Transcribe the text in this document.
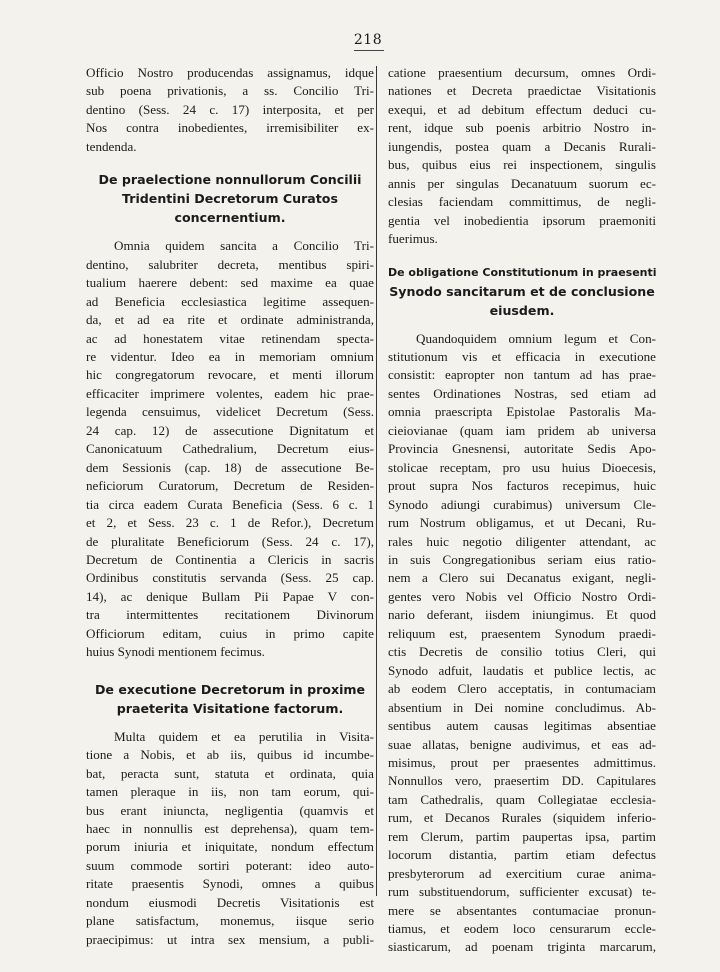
218
Officio Nostro producendas assignamus, idque
sub poena privationis, a ss. Concilio Tri-
dentino (Sess. 24 c. 17) interposita, et per
Nos contra inobedientes, irremisibiliter ex-
tendenda.
De praelectione nonnullorum Concilii
Tridentini Decretorum Curatos
concernentium.
Omnia quidem sancita a Concilio Tri-
dentino, salubriter decreta, mentibus spiri-
tualium haerere debent: sed maxime ea quae
ad Beneficia ecclesiastica legitime assequen-
da, et ad ea rite et ordinate administranda,
ac ad honestatem vitae retinendam specta-
re videntur. Ideo ea in memoriam omnium
hic congregatorum revocare, et menti illorum
efficaciter imprimere volentes, eadem hic prae-
legenda censuimus, videlicet Decretum (Sess.
24 cap. 12) de assecutione Dignitatum et
Canonicatuum Cathedralium, Decretum eius-
dem Sessionis (cap. 18) de assecutione Be-
neficiorum Curatorum, Decretum de Residen-
tia circa eadem Curata Beneficia (Sess. 6 c. 1
et 2, et Sess. 23 c. 1 de Refor.), Decretum
de pluralitate Beneficiorum (Sess. 24 c. 17),
Decretum de Continentia a Clericis in sacris
Ordinibus constitutis servanda (Sess. 25 cap.
14), ac denique Bullam Pii Papae V con-
tra intermittentes recitationem Divinorum
Officiorum editam, cuius in primo capite
huius Synodi mentionem fecimus.
De executione Decretorum in proxime
praeterita Visitatione factorum.
Multa quidem et ea perutilia in Visita-
tione a Nobis, et ab iis, quibus id incumbe-
bat, peracta sunt, statuta et ordinata, quia
tamen pleraque in iis, non tam eorum, qui-
bus erant iniuncta, negligentia (quamvis et
haec in nonnullis est deprehensa), quam tem-
porum iniuria et iniquitate, nondum effectum
suum commode sortiri poterant: ideo auto-
ritate praesentis Synodi, omnes a quibus
nondum eiusmodi Decretis Visitationis est
plane satisfactum, monemus, iisque serio
praecipimus: ut intra sex mensium, a publi-
catione praesentium decursum, omnes Ordi-
nationes et Decreta praedictae Visitationis
exequi, et ad debitum effectum deduci cu-
rent, idque sub poenis arbitrio Nostro in-
iungendis, postea quam a Decanis Rurali-
bus, quibus eius rei inspectionem, singulis
annis per singulas Decanatuum suorum ec-
clesias faciendam committimus, de negli-
gentia vel inobedientia ipsorum praemoniti
fuerimus.
De obligatione Constitutionum in praesenti
Synodo sancitarum et de conclusione
eiusdem.
Quandoquidem omnium legum et Con-
stitutionum vis et efficacia in executione
consistit: eapropter non tantum ad has prae-
sentes Ordinationes Nostras, sed etiam ad
omnia praescripta Epistolae Pastoralis Ma-
cieiovianae (quam iam pridem ab universa
Provincia Gnesnensi, autoritate Sedis Apo-
stolicae receptam, pro usu huius Dioecesis,
prout supra Nos facturos recepimus, huic
Synodo adiungi curabimus) universum Cle-
rum Nostrum obligamus, et ut Decani, Ru-
rales huic negotio diligenter attendant, ac
in suis Congregationibus seriam eius ratio-
nem a Clero sui Decanatus exigant, negli-
gentes vero Nobis vel Officio Nostro Ordi-
nario deferant, iisdem iniungimus. Et quod
reliquum est, praesentem Synodum praedi-
ctis Decretis de consilio totius Cleri, qui
Synodo adfuit, laudatis et publice lectis, ac
ab eodem Clero acceptatis, in contumaciam
absentium in Dei nomine concludimus. Ab-
sentibus autem causas legitimas absentiae
suae allatas, benigne audivimus, et eas ad-
misimus, prout per praesentes admittimus.
Nonnullos vero, praesertim DD. Capitulares
tam Cathedralis, quam Collegiatae ecclesia-
rum, et Decanos Rurales (siquidem inferio-
rem Clerum, partim paupertas ipsa, partim
locorum distantia, partim etiam defectus
presbyterorum ad exercitium curae anima-
rum substituendorum, sufficienter excusat) te-
mere se absentantes contumaciae pronun-
tiamus, et eodem loco censurarum eccle-
siasticarum, ad poenam triginta marcarum,
